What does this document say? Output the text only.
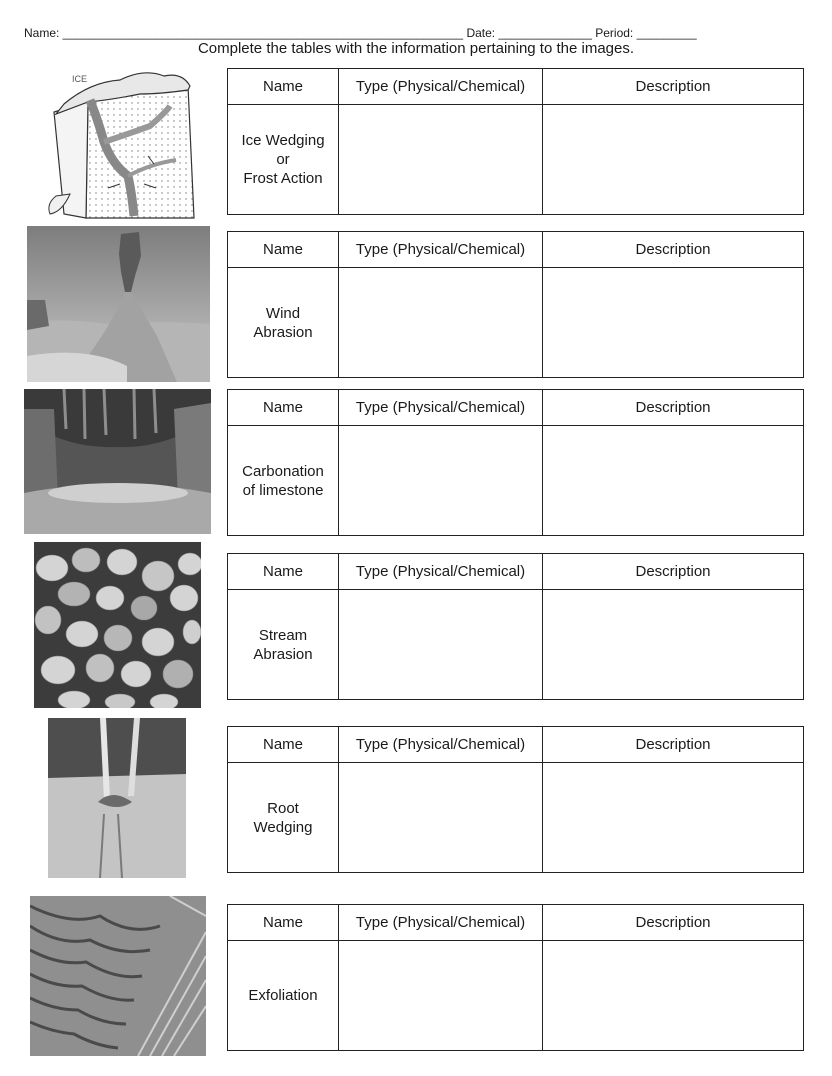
Name: ____________________________________________________________ Date: ______________ Period: _________
Complete the tables with the information pertaining to the images.
ICE	Name	Type (Physical/Chemical)	Description
Ice Wedging
or
Frost Action		
Name	Type (Physical/Chemical)	Description
Wind
Abrasion		
Name	Type (Physical/Chemical)	Description
Carbonation
of limestone		
Name	Type (Physical/Chemical)	Description
Stream
Abrasion		
Name	Type (Physical/Chemical)	Description
Root
Wedging		
Name	Type (Physical/Chemical)	Description
Exfoliation		
